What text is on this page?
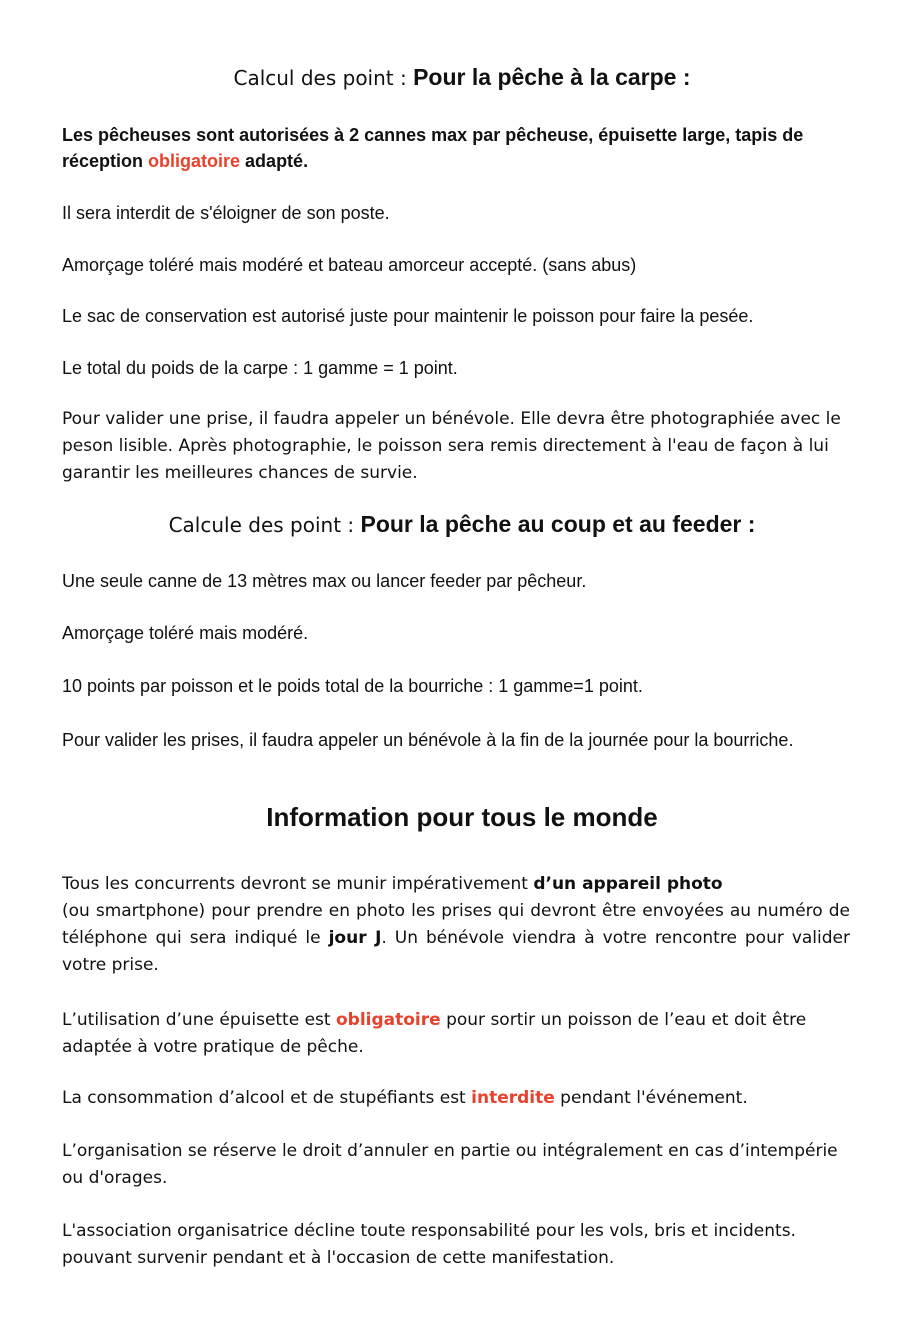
Calcul des point : Pour la pêche à la carpe :
Les pêcheuses sont autorisées à 2 cannes max par pêcheuse, épuisette large, tapis de réception obligatoire adapté.
Il sera interdit de s'éloigner de son poste.
Amorçage toléré mais modéré et bateau amorceur accepté. (sans abus)
Le sac de conservation est autorisé juste pour maintenir le poisson pour faire la pesée.
Le total du poids de la carpe : 1 gamme = 1 point.
Pour valider une prise, il faudra appeler un bénévole. Elle devra être photographiée avec le peson lisible. Après photographie, le poisson sera remis directement à l'eau de façon à lui garantir les meilleures chances de survie.
Calcule des point : Pour la pêche au coup et au feeder :
Une seule canne de 13 mètres max ou lancer feeder par pêcheur.
Amorçage toléré mais modéré.
10 points par poisson et le poids total de la bourriche : 1 gamme=1 point.
Pour valider les prises, il faudra appeler un bénévole à la fin de la journée pour la bourriche.
Information pour tous le monde
Tous les concurrents devront se munir impérativement d’un appareil photo
(ou smartphone) pour prendre en photo les prises qui devront être envoyées au numéro de téléphone qui sera indiqué le jour J. Un bénévole viendra à votre rencontre pour valider votre prise.
L’utilisation d’une épuisette est obligatoire pour sortir un poisson de l’eau et doit être adaptée à votre pratique de pêche.
La consommation d’alcool et de stupéfiants est interdite pendant l'événement.
L’organisation se réserve le droit d’annuler en partie ou intégralement en cas d’intempérie ou d'orages.
L'association organisatrice décline toute responsabilité pour les vols, bris et incidents.
pouvant survenir pendant et à l'occasion de cette manifestation.
